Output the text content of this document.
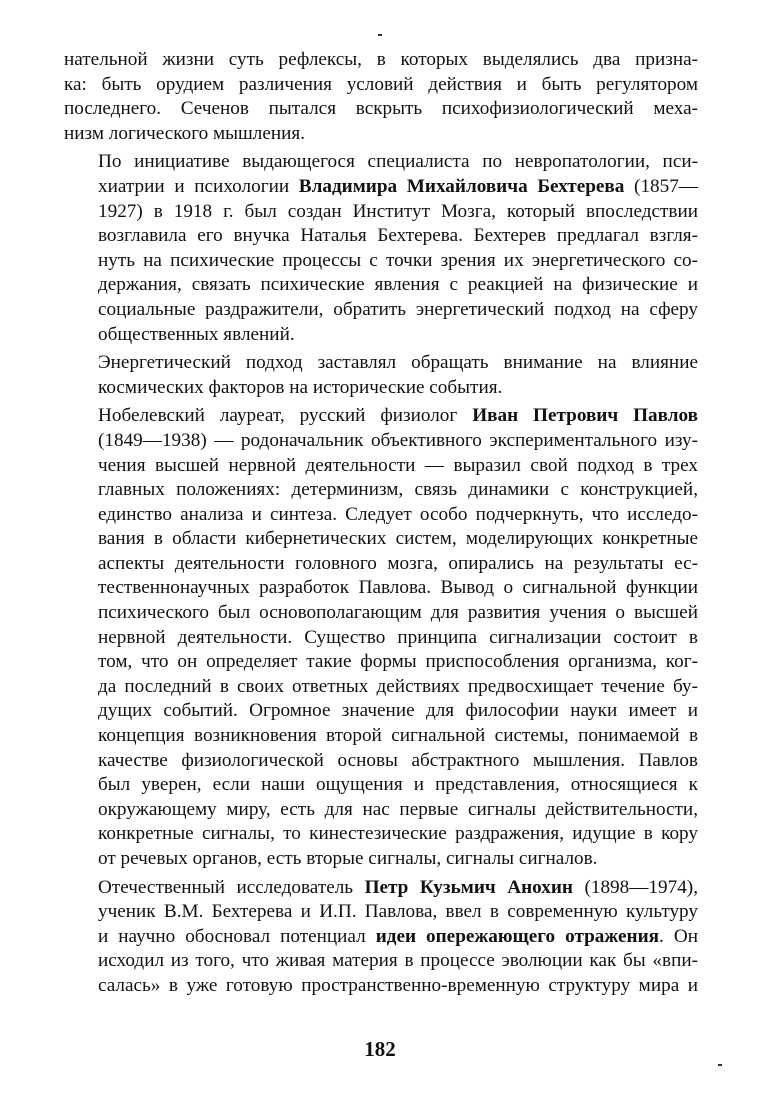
нательной жизни суть рефлексы, в которых выделялись два призна-
ка: быть орудием различения условий действия и быть регулятором
последнего. Сеченов пытался вскрыть психофизиологический меха-
низм логического мышления.

По инициативе выдающегося специалиста по невропатологии, пси-
хиатрии и психологии Владимира Михайловича Бехтерева (1857—
1927) в 1918 г. был создан Институт Мозга, который впоследствии
возглавила его внучка Наталья Бехтерева. Бехтерев предлагал взгля-
нуть на психические процессы с точки зрения их энергетического со-
держания, связать психические явления с реакцией на физические и
социальные раздражители, обратить энергетический подход на сферу
общественных явлений.

Энергетический подход заставлял обращать внимание на влияние
космических факторов на исторические события.

Нобелевский лауреат, русский физиолог Иван Петрович Павлов
(1849—1938) — родоначальник объективного экспериментального изу-
чения высшей нервной деятельности — выразил свой подход в трех
главных положениях: детерминизм, связь динамики с конструкцией,
единство анализа и синтеза. Следует особо подчеркнуть, что исследо-
вания в области кибернетических систем, моделирующих конкретные
аспекты деятельности головного мозга, опирались на результаты ес-
тественнонаучных разработок Павлова. Вывод о сигнальной функции
психического был основополагающим для развития учения о высшей
нервной деятельности. Существо принципа сигнализации состоит в
том, что он определяет такие формы приспособления организма, ког-
да последний в своих ответных действиях предвосхищает течение бу-
дущих событий. Огромное значение для философии науки имеет и
концепция возникновения второй сигнальной системы, понимаемой в
качестве физиологической основы абстрактного мышления. Павлов
был уверен, если наши ощущения и представления, относящиеся к
окружающему миру, есть для нас первые сигналы действительности,
конкретные сигналы, то кинестезические раздражения, идущие в кору
от речевых органов, есть вторые сигналы, сигналы сигналов.

Отечественный исследователь Петр Кузьмич Анохин (1898—1974),
ученик В.М. Бехтерева и И.П. Павлова, ввел в современную культуру
и научно обосновал потенциал идеи опережающего отражения. Он
исходил из того, что живая материя в процессе эволюции как бы «впи-
салась» в уже готовую пространственно-временную структуру мира и

182
